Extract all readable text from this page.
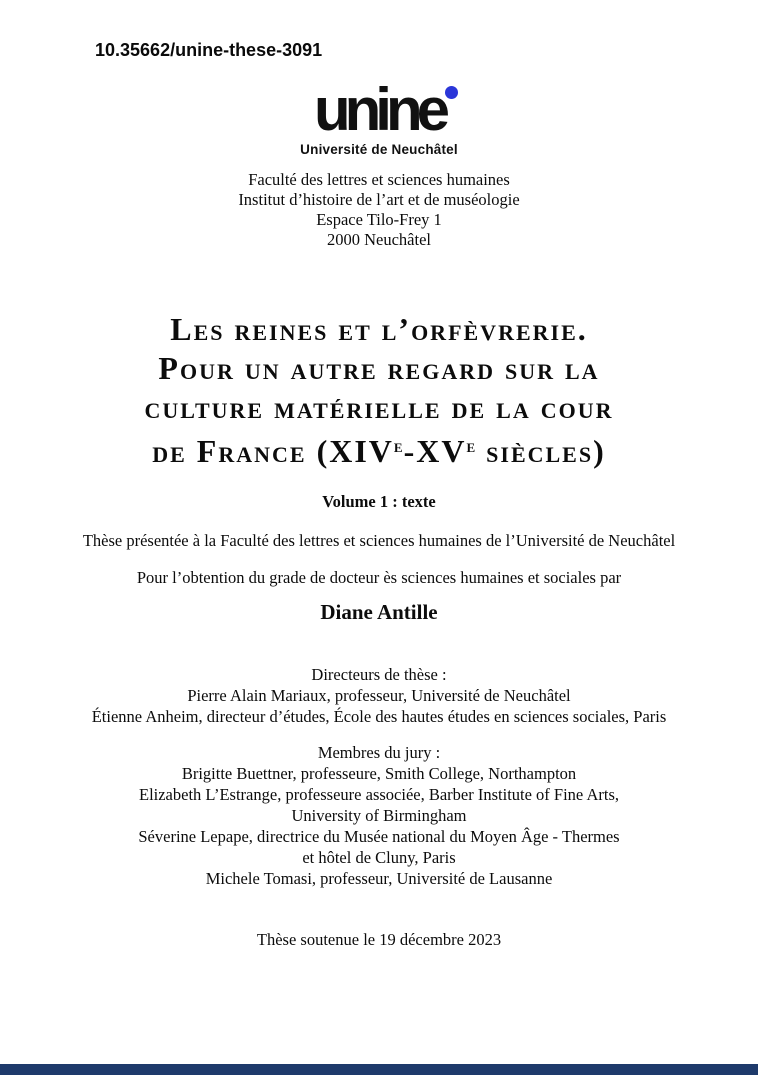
10.35662/unine-these-3091
unine
Université de Neuchâtel
Faculté des lettres et sciences humaines
Institut d’histoire de l’art et de muséologie
Espace Tilo-Frey 1
2000 Neuchâtel
Les reines et l’orfèvrerie.
Pour un autre regard sur la
culture matérielle de la cour
de France (XIVe-XVe siècles)
Volume 1 : texte
Thèse présentée à la Faculté des lettres et sciences humaines de l’Université de Neuchâtel
Pour l’obtention du grade de docteur ès sciences humaines et sociales par
Diane Antille
Directeurs de thèse :
Pierre Alain Mariaux, professeur, Université de Neuchâtel
Étienne Anheim, directeur d’études, École des hautes études en sciences sociales, Paris
Membres du jury :
Brigitte Buettner, professeure, Smith College, Northampton
Elizabeth L’Estrange, professeure associée, Barber Institute of Fine Arts,
University of Birmingham
Séverine Lepape, directrice du Musée national du Moyen Âge - Thermes
et hôtel de Cluny, Paris
Michele Tomasi, professeur, Université de Lausanne
Thèse soutenue le 19 décembre 2023
